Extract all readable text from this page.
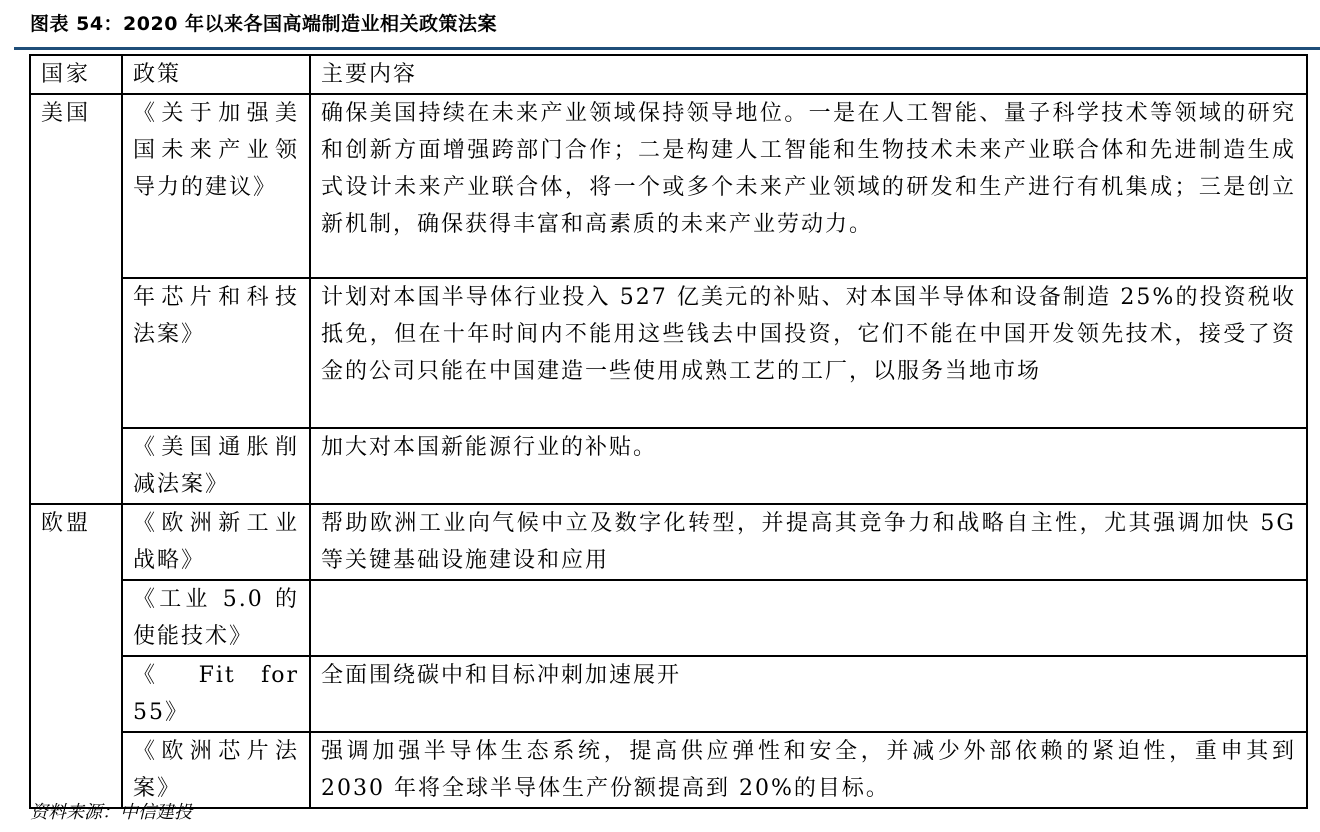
图表 54：2020 年以来各国高端制造业相关政策法案
国家	政策	主要内容
美国	《关于加强美国未来产业领导力的建议》	确保美国持续在未来产业领域保持领导地位。一是在人工智能、量子科学技术等领域的研究和创新方面增强跨部门合作；二是构建人工智能和生物技术未来产业联合体和先进制造生成式设计未来产业联合体，将一个或多个未来产业领域的研发和生产进行有机集成；三是创立新机制，确保获得丰富和高素质的未来产业劳动力。
	年芯片和科技法案》	计划对本国半导体行业投入 527 亿美元的补贴、对本国半导体和设备制造 25%的投资税收抵免，但在十年时间内不能用这些钱去中国投资，它们不能在中国开发领先技术，接受了资金的公司只能在中国建造一些使用成熟工艺的工厂，以服务当地市场
	《美国通胀削减法案》	加大对本国新能源行业的补贴。
欧盟	《欧洲新工业战略》	帮助欧洲工业向气候中立及数字化转型，并提高其竞争力和战略自主性，尤其强调加快 5G 等关键基础设施建设和应用
	《工业 5.0 的使能技术》	
	《 Fit for 55》	全面围绕碳中和目标冲刺加速展开
	《欧洲芯片法案》	强调加强半导体生态系统，提高供应弹性和安全，并减少外部依赖的紧迫性，重申其到 2030 年将全球半导体生产份额提高到 20%的目标。
资料来源：中信建投
